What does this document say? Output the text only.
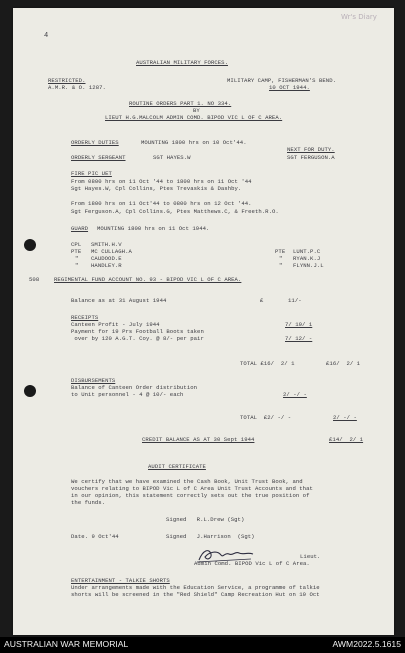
Wr's Diary
4
AUSTRALIAN MILITARY FORCES.
RESTRICTED.
A.M.R. & O. 1287.
MILITARY CAMP, FISHERMAN'S BEND.
10 OCT 1944.
ROUTINE ORDERS PART 1. NO 334.
BY
LIEUT H.G.MALCOLM ADMIN COMD. BIPOD VIC L OF C AREA.
ORDERLY DUTIES	MOUNTING 1800 hrs on 10 Oct'44.
NEXT FOR DUTY.
ORDERLY SERGEANT	SGT HAYES.W	SGT FERGUSON.A
FIRE PIC UET
From 0800 hrs on 11 Oct '44 to 1800 hrs on 11 Oct '44
Sgt Hayes.W, Cpl Collins, Ptes Trevaskis & Dashby.
From 1800 hrs on 11 Oct'44 to 0800 hrs on 12 Oct '44.
Sgt Ferguson.A, Cpl Collins.G, Ptes Matthews.C, & Freeth.R.O.
GUARD MOUNTING 1800 hrs on 11 Oct 1944.
CPL SMITH.H.V
PTE MC CULLAGH.A	PTE LUNT.P.C
" CAUDOOD.E	" RYAN.K.J
" HANDLEY.R	" FLYNN.J.L
508	REGIMENTAL FUND ACCOUNT NO. 93 - BIPOD VIC L OF C AREA.
Balance as at 31 August 1944	£	11/-
RECEIPTS
Canteen Profit - July 1944	7/ 19/ 1
Payment for 19 Prs Football Boots taken
over by 120 A.G.T. Coy. @ 8/- per pair	7/ 12/ -
TOTAL £16/  2/ 1	£16/  2/ 1
DISBURSEMENTS
Balance of Canteen Order distribution
to Unit personnel - 4 @ 10/- each	2/ -/ -
TOTAL  £2/ -/ -	2/ -/ -
CREDIT BALANCE AS AT 30 Sept 1944	£14/  2/ 1
AUDIT CERTIFICATE
We certify that we have examined the Cash Book, Unit Trust Book, and
vouchers relating to BIPOD Vic L of C Area Unit Trust Accounts and that
in our opinion, this statement correctly sets out the true position of
the funds.
Signed   R.L.Drew (Sgt)
Date. 9 Oct'44	Signed   J.Harrison  (Sgt)
Lieut.
Admin Comd. BIPOD Vic L of C Area.
ENTERTAINMENT - TALKIE SHORTS
Under arrangements made with the Education Service, a programme of talkie
shorts will be screened in the "Red Shield" Camp Recreation Hut on 10 Oct
AUSTRALIAN WAR MEMORIAL	AWM2022.5.1615
